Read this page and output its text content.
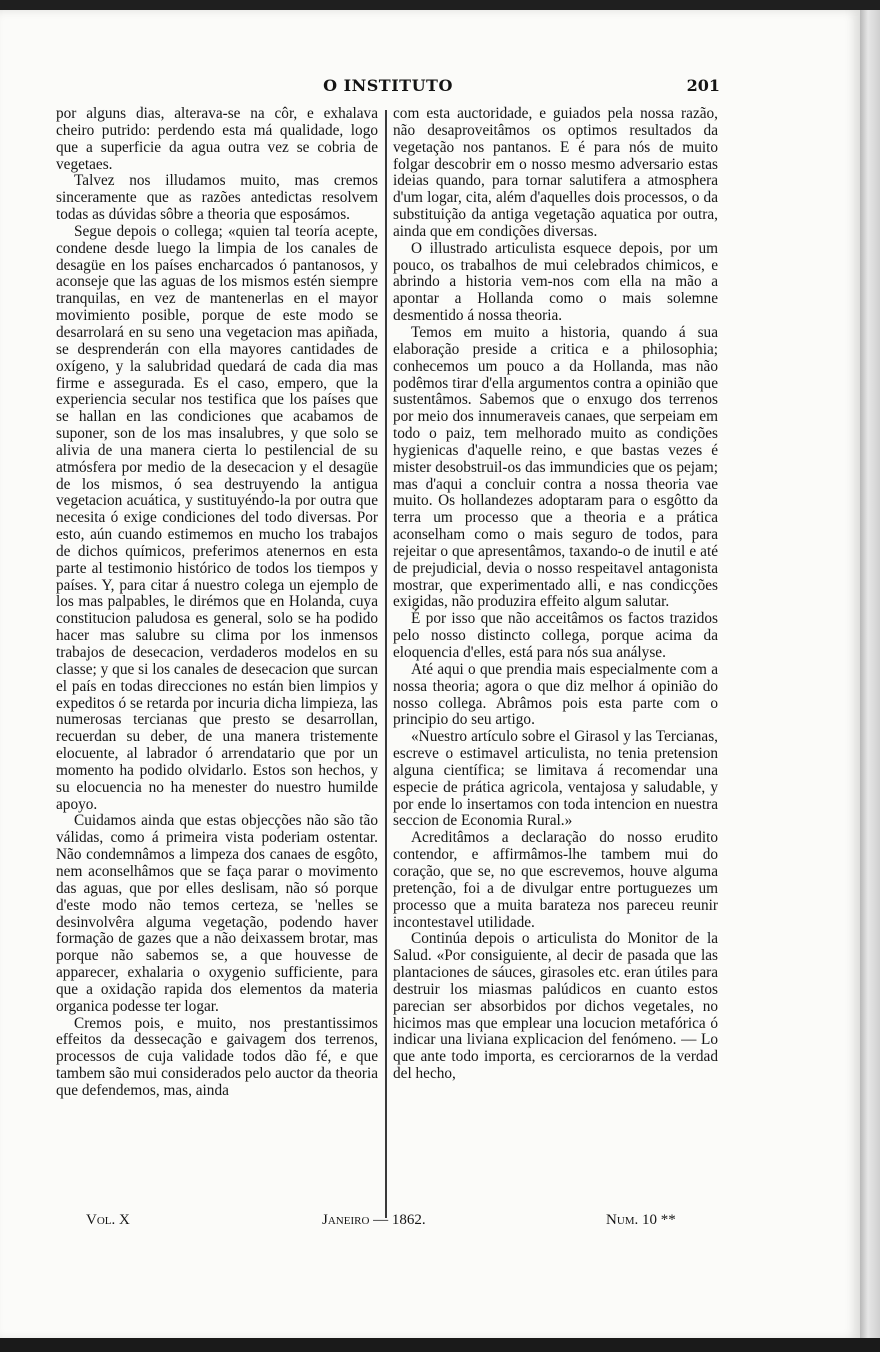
O INSTITUTO	201

por alguns dias, alterava-se na côr, e exhalava cheiro putrido: perdendo esta má qualidade, logo que a superficie da agua outra vez se cobria de vegetaes.

Talvez nos illudamos muito, mas cremos sinceramente que as razões antedictas resolvem todas as dúvidas sôbre a theoria que esposámos.

Segue depois o collega; «quien tal teoría acepte, condene desde luego la limpia de los canales de desagüe en los países encharcados ó pantanosos, y aconseje que las aguas de los mismos estén siempre tranquilas, en vez de mantenerlas en el mayor movimiento posible, porque de este modo se desarrolará en su seno una vegetacion mas apiñada, se desprenderán con ella mayores cantidades de oxígeno, y la salubridad quedará de cada dia mas firme e assegurada. Es el caso, empero, que la experiencia secular nos testifica que los países que se hallan en las condiciones que acabamos de suponer, son de los mas insalubres, y que solo se alivia de una manera cierta lo pestilencial de su atmósfera por medio de la desecacion y el desagüe de los mismos, ó sea destruyendo la antigua vegetacion acuática, y sustituyéndo-la por outra que necesita ó exige condiciones del todo diversas. Por esto, aún cuando estimemos en mucho los trabajos de dichos químicos, preferimos atenernos en esta parte al testimonio histórico de todos los tiempos y países. Y, para citar á nuestro colega un ejemplo de los mas palpables, le dirémos que en Holanda, cuya constitucion paludosa es general, solo se ha podido hacer mas salubre su clima por los inmensos trabajos de desecacion, verdaderos modelos en su classe; y que si los canales de desecacion que surcan el país en todas direcciones no están bien limpios y expeditos ó se retarda por incuria dicha limpieza, las numerosas tercianas que presto se desarrollan, recuerdan su deber, de una manera tristemente elocuente, al labrador ó arrendatario que por un momento ha podido olvidarlo. Estos son hechos, y su elocuencia no ha menester do nuestro humilde apoyo.

Cuidamos ainda que estas objecções não são tão válidas, como á primeira vista poderiam ostentar. Não condemnâmos a limpeza dos canaes de esgôto, nem aconselhâmos que se faça parar o movimento das aguas, que por elles deslisam, não só porque d'este modo não temos certeza, se 'nelles se desinvolvêra alguma vegetação, podendo haver formação de gazes que a não deixassem brotar, mas porque não sabemos se, a que houvesse de apparecer, exhalaria o oxygenio sufficiente, para que a oxidação rapida dos elementos da materia organica podesse ter logar.

Cremos pois, e muito, nos prestantissimos effeitos da dessecação e gaivagem dos terrenos, processos de cuja validade todos dão fé, e que tambem são mui considerados pelo auctor da theoria que defendemos, mas, ainda

com esta auctoridade, e guiados pela nossa razão, não desaproveitâmos os optimos resultados da vegetação nos pantanos. E é para nós de muito folgar descobrir em o nosso mesmo adversario estas ideias quando, para tornar salutifera a atmosphera d'um logar, cita, além d'aquelles dois processos, o da substituição da antiga vegetação aquatica por outra, ainda que em condições diversas.

O illustrado articulista esquece depois, por um pouco, os trabalhos de mui celebrados chimicos, e abrindo a historia vem-nos com ella na mão a apontar a Hollanda como o mais solemne desmentido á nossa theoria.

Temos em muito a historia, quando á sua elaboração preside a critica e a philosophia; conhecemos um pouco a da Hollanda, mas não podêmos tirar d'ella argumentos contra a opinião que sustentâmos. Sabemos que o enxugo dos terrenos por meio dos innumeraveis canaes, que serpeiam em todo o paiz, tem melhorado muito as condições hygienicas d'aquelle reino, e que bastas vezes é mister desobstruil-os das immundicies que os pejam; mas d'aqui a concluir contra a nossa theoria vae muito. Os hollandezes adoptaram para o esgôtto da terra um processo que a theoria e a prática aconselham como o mais seguro de todos, para rejeitar o que apresentâmos, taxando-o de inutil e até de prejudicial, devia o nosso respeitavel antagonista mostrar, que experimentado alli, e nas condicções exigidas, não produzira effeito algum salutar.

É por isso que não acceitâmos os factos trazidos pelo nosso distincto collega, porque acima da eloquencia d'elles, está para nós sua anályse.

Até aqui o que prendia mais especialmente com a nossa theoria; agora o que diz melhor á opinião do nosso collega. Abrâmos pois esta parte com o principio do seu artigo.

«Nuestro artículo sobre el Girasol y las Tercianas, escreve o estimavel articulista, no tenia pretension alguna científica; se limitava á recomendar una especie de prática agricola, ventajosa y saludable, y por ende lo insertamos con toda intencion en nuestra seccion de Economia Rural.»

Acreditâmos a declaração do nosso erudito contendor, e affirmâmos-lhe tambem mui do coração, que se, no que escrevemos, houve alguma pretenção, foi a de divulgar entre portuguezes um processo que a muita barateza nos pareceu reunir incontestavel utilidade.

Continúa depois o articulista do Monitor de la Salud. «Por consiguiente, al decir de pasada que las plantaciones de sáuces, girasoles etc. eran útiles para destruir los miasmas palúdicos en cuanto estos parecian ser absorbidos por dichos vegetales, no hicimos mas que emplear una locucion metafórica ó indicar una liviana explicacion del fenómeno. — Lo que ante todo importa, es cerciorarnos de la verdad del hecho,

Vol. X	Janeiro — 1862.	Num. 10 **
